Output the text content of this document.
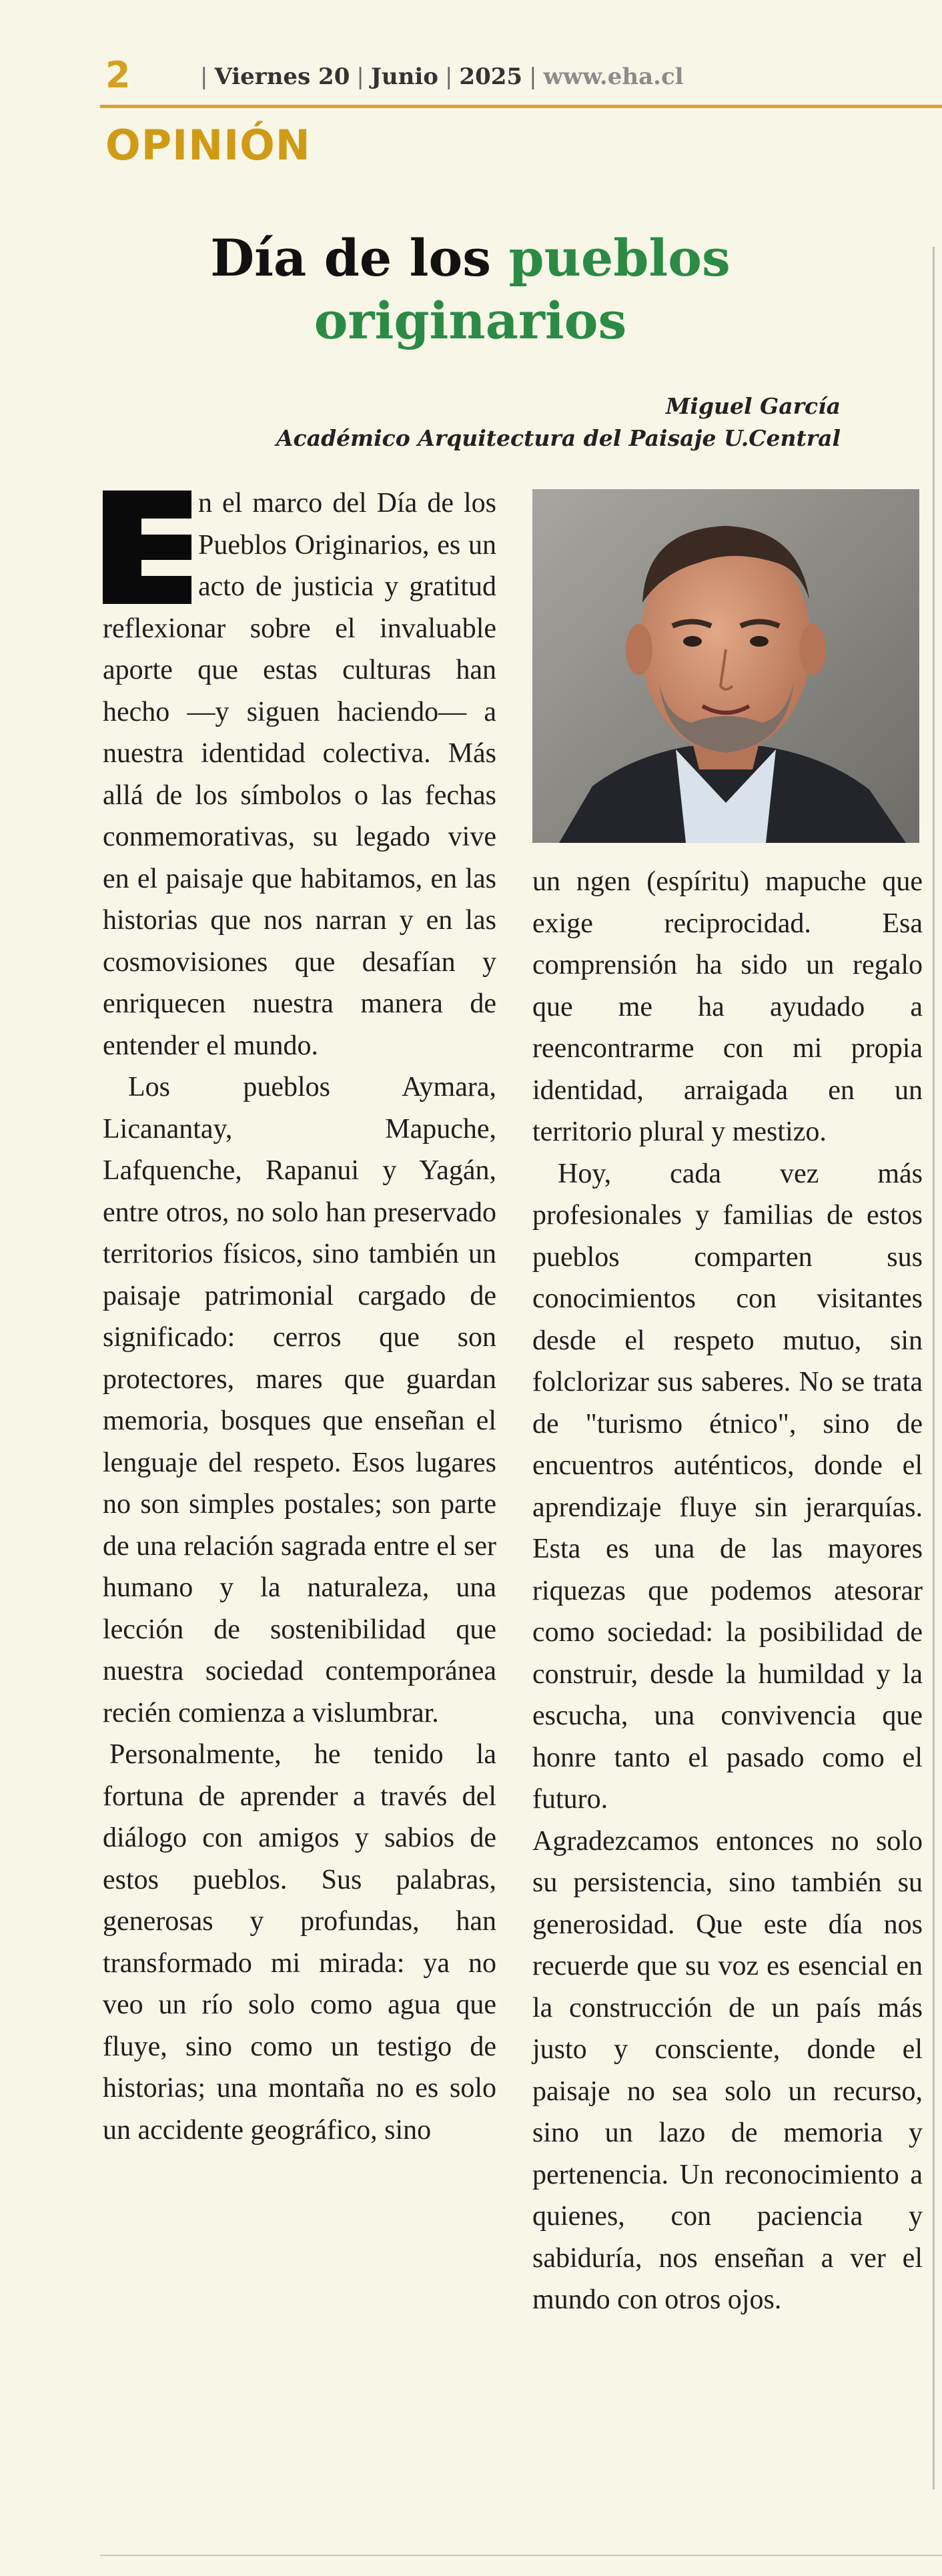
2	| Viernes 20 | Junio | 2025 | www.eha.cl
OPINIÓN
Día de los pueblos
originarios
Miguel García
Académico Arquitectura del Paisaje U.Central

n el marco del Día de los Pueblos Originarios, es un acto de justicia y gratitud reflexionar sobre el invaluable aporte que estas culturas han hecho —y siguen haciendo— a nuestra identidad colectiva. Más allá de los símbolos o las fechas conmemorativas, su legado vive en el paisaje que habitamos, en las historias que nos narran y en las cosmovisiones que desafían y enriquecen nuestra manera de entender el mundo.

Los pueblos Aymara, Licanantay, Mapuche, Lafquenche, Rapanui y Yagán, entre otros, no solo han preservado territorios físicos, sino también un paisaje patrimonial cargado de significado: cerros que son protectores, mares que guardan memoria, bosques que enseñan el lenguaje del respeto. Esos lugares no son simples postales; son parte de una relación sagrada entre el ser humano y la naturaleza, una lección de sostenibilidad que nuestra sociedad contemporánea recién comienza a vislumbrar.

Personalmente, he tenido la fortuna de aprender a través del diálogo con amigos y sabios de estos pueblos. Sus palabras, generosas y profundas, han transformado mi mirada: ya no veo un río solo como agua que fluye, sino como un testigo de historias; una montaña no es solo un accidente geográfico, sino

un ngen (espíritu) mapuche que exige reciprocidad. Esa comprensión ha sido un regalo que me ha ayudado a reencontrarme con mi propia identidad, arraigada en un territorio plural y mestizo.

Hoy, cada vez más profesionales y familias de estos pueblos comparten sus conocimientos con visitantes desde el respeto mutuo, sin folclorizar sus saberes. No se trata de "turismo étnico", sino de encuentros auténticos, donde el aprendizaje fluye sin jerarquías. Esta es una de las mayores riquezas que podemos atesorar como sociedad: la posibilidad de construir, desde la humildad y la escucha, una convivencia que honre tanto el pasado como el futuro.

Agradezcamos entonces no solo su persistencia, sino también su generosidad. Que este día nos recuerde que su voz es esencial en la construcción de un país más justo y consciente, donde el paisaje no sea solo un recurso, sino un lazo de memoria y pertenencia. Un reconocimiento a quienes, con paciencia y sabiduría, nos enseñan a ver el mundo con otros ojos.
